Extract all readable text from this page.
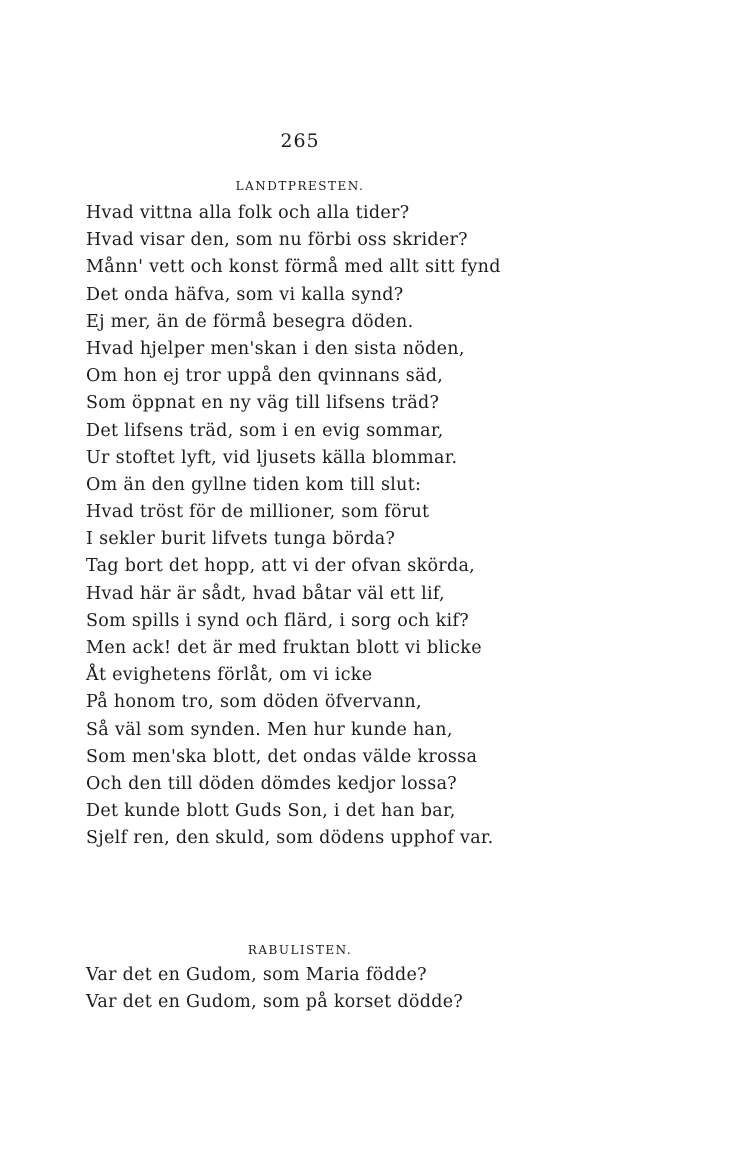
265
LANDTPRESTEN.
Hvad vittna alla folk och alla tider?
Hvad visar den, som nu förbi oss skrider?
Månn' vett och konst förmå med allt sitt fynd
Det onda häfva, som vi kalla synd?
Ej mer, än de förmå besegra döden.
Hvad hjelper men'skan i den sista nöden,
Om hon ej tror uppå den qvinnans säd,
Som öppnat en ny väg till lifsens träd?
Det lifsens träd, som i en evig sommar,
Ur stoftet lyft, vid ljusets källa blommar.
Om än den gyllne tiden kom till slut:
Hvad tröst för de millioner, som förut
I sekler burit lifvets tunga börda?
Tag bort det hopp, att vi der ofvan skörda,
Hvad här är sådt, hvad båtar väl ett lif,
Som spills i synd och flärd, i sorg och kif?
Men ack! det är med fruktan blott vi blicke
Åt evighetens förlåt, om vi icke
På honom tro, som döden öfvervann,
Så väl som synden. Men hur kunde han,
Som men'ska blott, det ondas välde krossa
Och den till döden dömdes kedjor lossa?
Det kunde blott Guds Son, i det han bar,
Sjelf ren, den skuld, som dödens upphof var.
RABULISTEN.
Var det en Gudom, som Maria födde?
Var det en Gudom, som på korset dödde?
